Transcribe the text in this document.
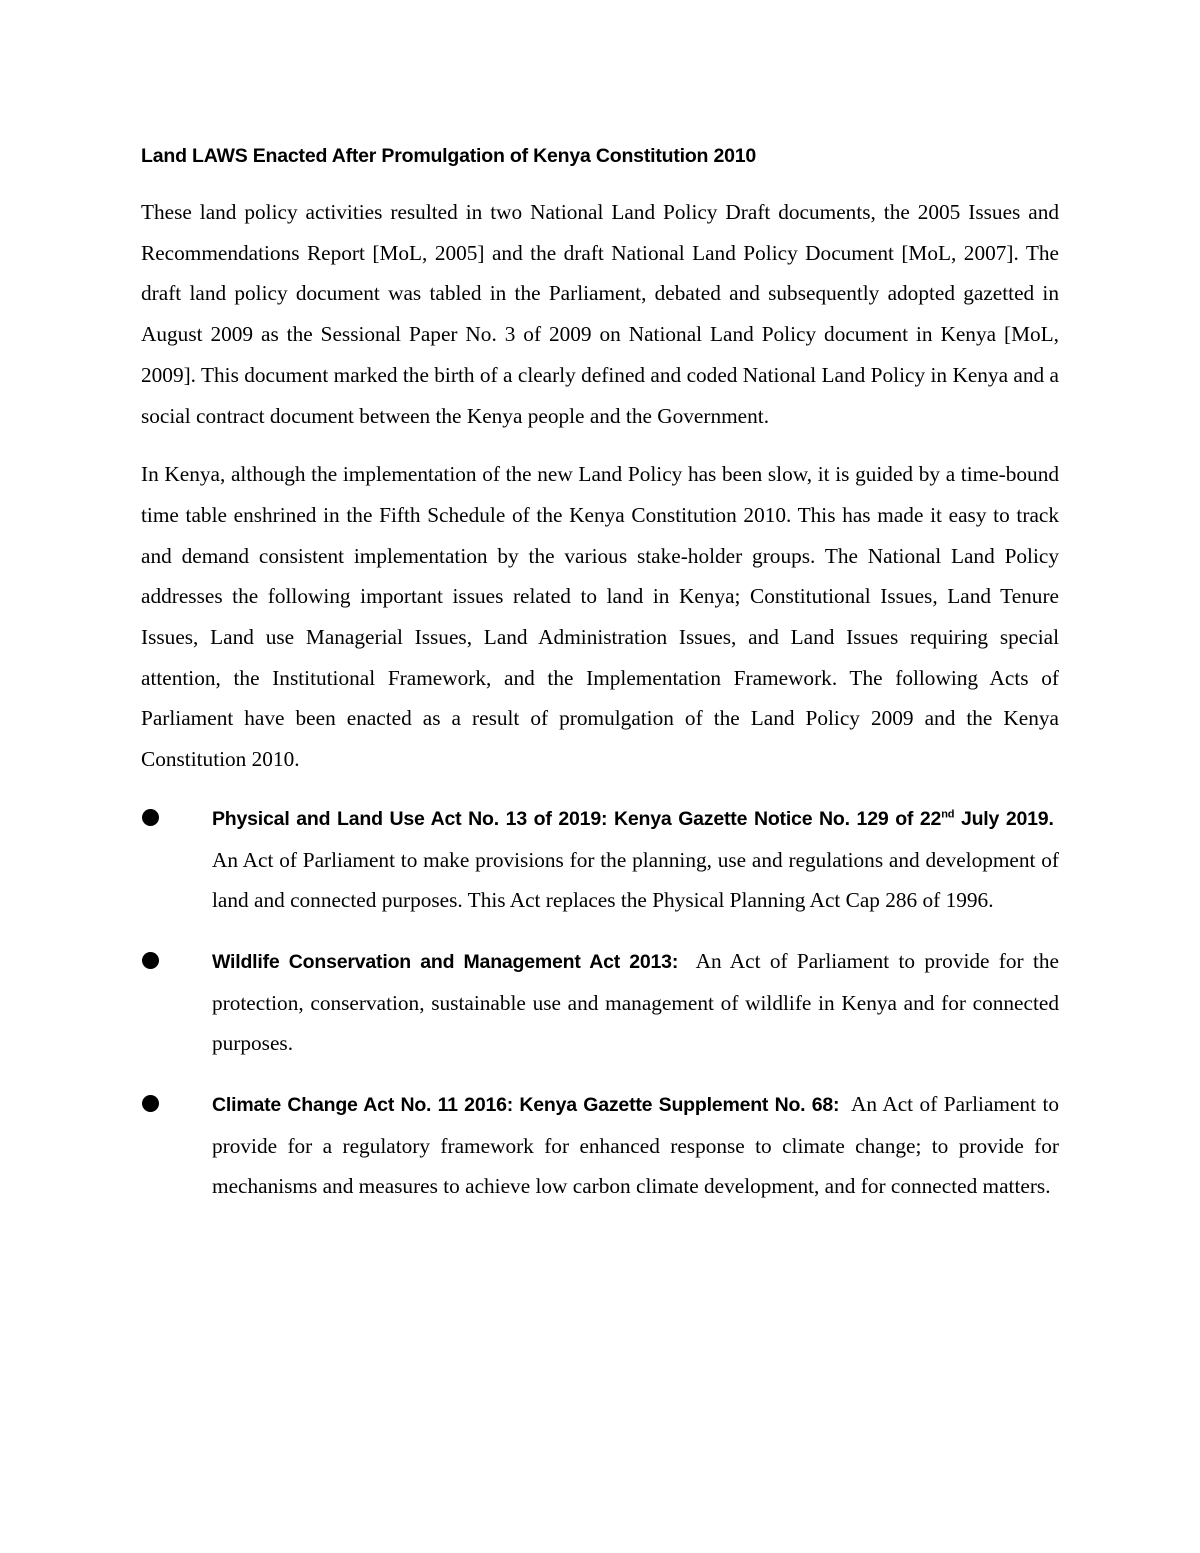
Land LAWS Enacted After Promulgation of Kenya Constitution 2010

These land policy activities resulted in two National Land Policy Draft documents, the 2005 Issues and Recommendations Report [MoL, 2005] and the draft National Land Policy Document [MoL, 2007]. The draft land policy document was tabled in the Parliament, debated and subsequently adopted gazetted in August 2009 as the Sessional Paper No. 3 of 2009 on National Land Policy document in Kenya [MoL, 2009]. This document marked the birth of a clearly defined and coded National Land Policy in Kenya and a social contract document between the Kenya people and the Government.

In Kenya, although the implementation of the new Land Policy has been slow, it is guided by a time-bound time table enshrined in the Fifth Schedule of the Kenya Constitution 2010. This has made it easy to track and demand consistent implementation by the various stake-holder groups. The National Land Policy addresses the following important issues related to land in Kenya; Constitutional Issues, Land Tenure Issues, Land use Managerial Issues, Land Administration Issues, and Land Issues requiring special attention, the Institutional Framework, and the Implementation Framework. The following Acts of Parliament have been enacted as a result of promulgation of the Land Policy 2009 and the Kenya Constitution 2010.

Physical and Land Use Act No. 13 of 2019: Kenya Gazette Notice No. 129 of 22nd July 2019.  An Act of Parliament to make provisions for the planning, use and regulations and development of land and connected purposes. This Act replaces the Physical Planning Act Cap 286 of 1996.
Wildlife Conservation and Management Act 2013: An Act of Parliament to provide for the protection, conservation, sustainable use and management of wildlife in Kenya and for connected purposes.
Climate Change Act No. 11 2016: Kenya Gazette Supplement No. 68: An Act of Parliament to provide for a regulatory framework for enhanced response to climate change; to provide for mechanisms and measures to achieve low carbon climate development, and for connected matters.
